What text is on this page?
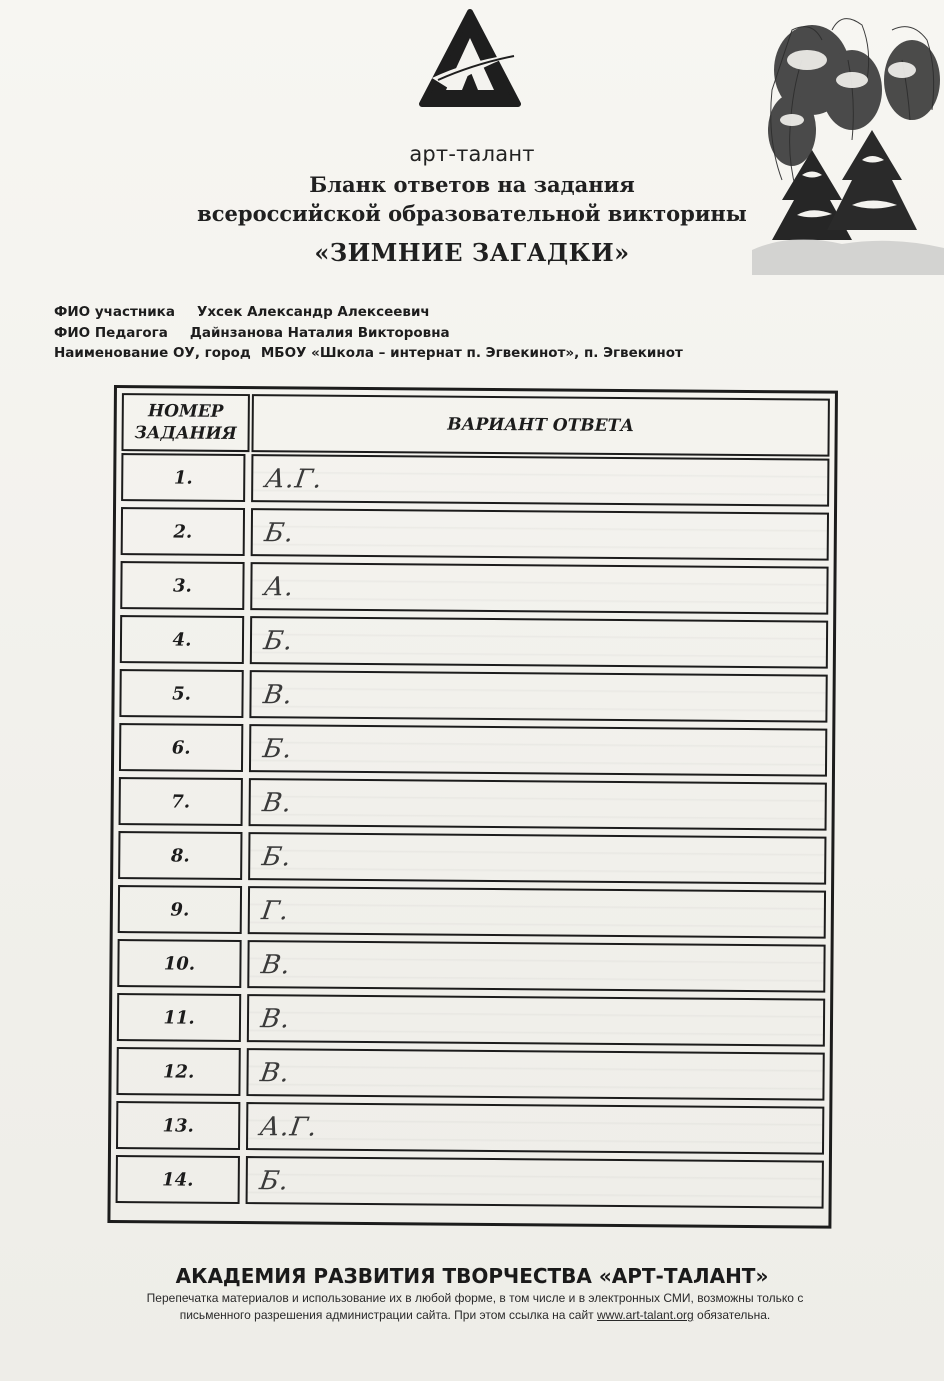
арт-талант
Бланк ответов на задания
всероссийской образовательной викторины
«ЗИМНИЕ ЗАГАДКИ»
ФИО участника Ухсек Александр Алексеевич
ФИО Педагога Дайнзанова Наталия Викторовна
Наименование ОУ, город МБОУ «Школа – интернат п. Эгвекинот», п. Эгвекинот
НОМЕР
ЗАДАНИЯ	ВАРИАНТ ОТВЕТА
1.	А.Г.
2.	Б.
3.	А.
4.	Б.
5.	В.
6.	Б.
7.	В.
8.	Б.
9.	Г.
10.	В.
11.	В.
12.	В.
13.	А.Г.
14.	Б.
АКАДЕМИЯ РАЗВИТИЯ ТВОРЧЕСТВА «АРТ-ТАЛАНТ»
Перепечатка материалов и использование их в любой форме, в том числе и в электронных СМИ, возможны только с
письменного разрешения администрации сайта. При этом ссылка на сайт www.art-talant.org обязательна.
